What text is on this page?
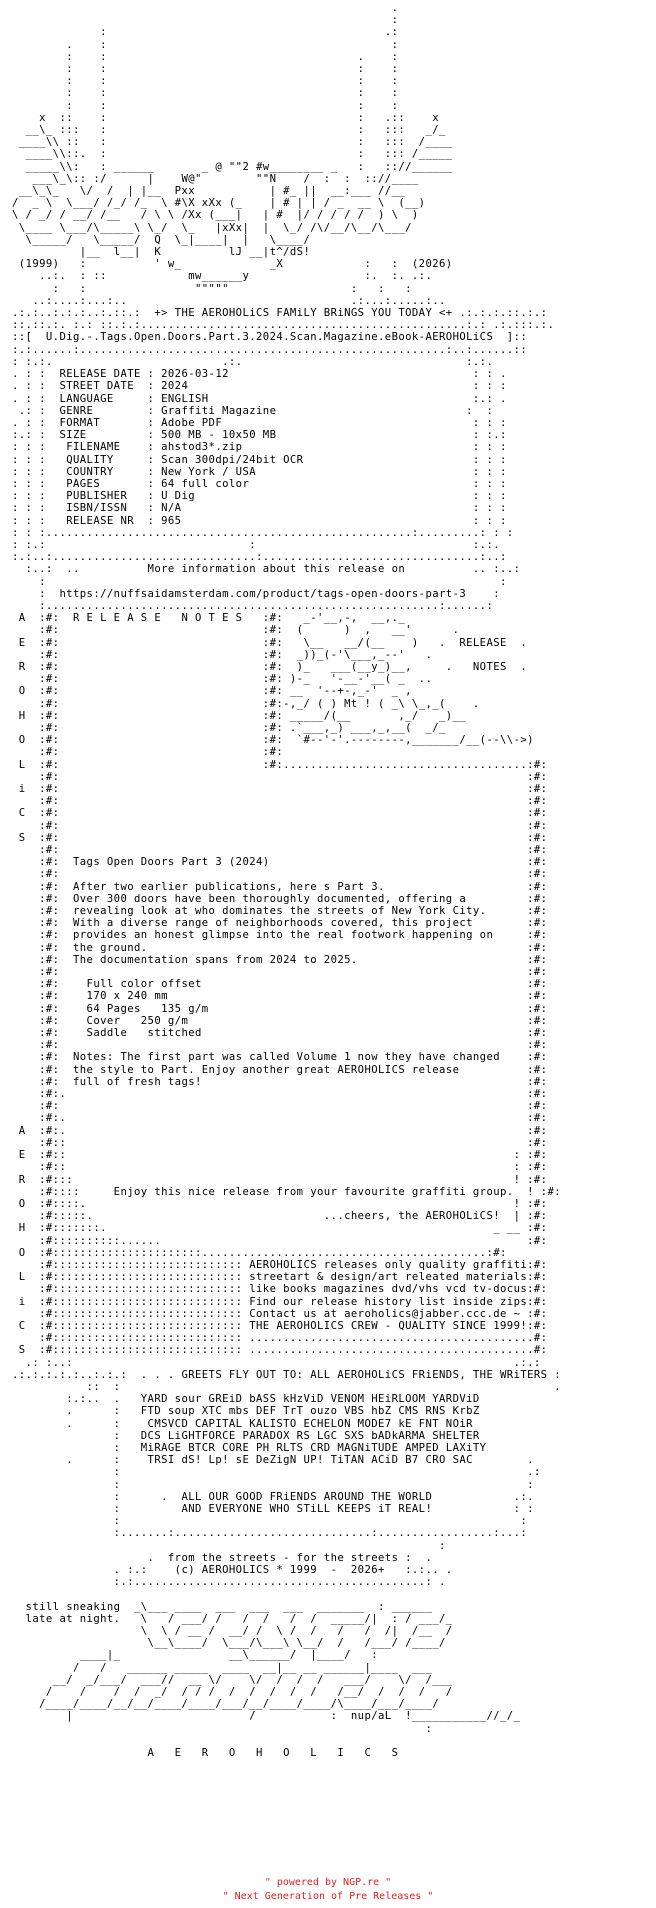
.
:
:                                         .:
.    :                                          :
:    :                                     .    :
:    :                                     :    :
:    :                                     :    :
:    :                                     :    :
:    :                                     :    :
x  ::    :                                     :   .::    x
__\_ :::   :                                     :   :::   _/_
____\\ ::   :                                     :   :::  /____
____\\::.  :                                     :   ::: /_____
_____\\:   : ______       _ @ ""2 #w________ _   :   :://______
___\_\:: :/      |    W@"        ""N    /  :  :  :://____
__\_\_   \/  /  | |__  Pxx           | #_ ||  __:___ //__
/  _ \  \___/ /_/ /_  \ #\X xXx (_    | # | | / _  __ \  (__)
\ / _/ / __/ /__   / \ \ /Xx (___|   | #  |/ / / / /  ) \  )
\____ \___/\_____\ \_/  \_   |xXx|  |  \_/ /\/__/\__/\___/
\_____/   \_____/  Q  \_|____|  |   \____/
|__  l__|  K          lJ __|t^/dS!
(1999)   :          ' w_             _X            :   :  (2026)
..:.  : ::            mw______y                 :.  :. .:.
:   :                """""                  :   :   :
..:....:...:..                                 .:...:.....:..
.:.:..:.:.:..:.::.:  +> THE AEROHOLiCS FAMiLY BRiNGS YOU TODAY <+ .:.:.:.::.:.:
::.::.:. :.: ::.:.:................................................:.: .:.:::.:.
::[  U.Dig.-.Tags.Open.Doors.Part.3.2024.Scan.Magazine.eBook-AEROHOLiCS  ]::
:.:......:......................................................:..:......::
: :.:.                         .:.                                 :.:.
. : :  RELEASE DATE : 2026-03-12                                    : : .
. : :  STREET DATE  : 2024                                          : : :
. : :  LANGUAGE     : ENGLISH                                       :.: .
.: :  GENRE        : Graffiti Magazine                            :  :
. : :  FORMAT       : Adobe PDF                                     : : :
:.: :  SIZE         : 500 MB - 10x50 MB                             : :.:
: : :   FILENAME    : ahstod3*.zip                                  : : :
: : :   QUALITY     : Scan 300dpi/24bit OCR                         : : :
: : :   COUNTRY     : New York / USA                                : : :
: : :   PAGES       : 64 full color                                 : : :
: : :   PUBLISHER   : U Dig                                         : : :
: : :   ISBN/ISSN   : N/A                                           : : :
: : :   RELEASE NR  : 965                                           : : :
: : :......................................................:.........: : :
: :.:                              :                                :.:.
:.:..:..............................:................................:..:
:..:  ..          More information about this release on          .. :..:
:                                                                   :
:  https://nuffsaidamsterdam.com/product/tags-open-doors-part-3    :
:..........................................................:......:
A  :#:  R E L E A S E   N O T E S   :#:   _-'__,-,  __,._
:#:                              :#:  (      )  ,   __'      .
E  :#:                              :#:   \__   __/(__    )   .  RELEASE  .
:#:                              :#:  _))_(-'\___,_--'   .
R  :#:                              :#:  )_   ___(__y_)__,     .   NOTES  .
:#:                              :#: )-_   '-__-'__( _  ..
O  :#:                              :#: __  '--+-,_-'  _ ,
:#:                              :#:-,_/ ( ) Mt ! ( _\ \_,_(    .
H  :#:                              :#: _____/(__       ,_/   _)__
:#:                              :#: .`___,_) ___,_,__(  _/_
O  :#:                              :#:  `#--'-'.--------,_______/__(--\\->)
:#:                              :#:
L  :#:                              :#:....................................:#:
:#:                                                                     :#:
i  :#:                                                                     :#:
:#:                                                                     :#:
C  :#:                                                                     :#:
:#:                                                                     :#:
S  :#:                                                                     :#:
:#:                                                                     :#:
:#:  Tags Open Doors Part 3 (2024)                                      :#:
:#:                                                                     :#:
:#:  After two earlier publications, here s Part 3.                     :#:
:#:  Over 300 doors have been thoroughly documented, offering a         :#:
:#:  revealing look at who dominates the streets of New York City.      :#:
:#:  With a diverse range of neighborhoods covered, this project        :#:
:#:  provides an honest glimpse into the real footwork happening on     :#:
:#:  the ground.                                                        :#:
:#:  The documentation spans from 2024 to 2025.                         :#:
:#:                                                                     :#:
:#:    Full color offset                                                :#:
:#:    170 x 240 mm                                                     :#:
:#:    64 Pages   135 g/m                                               :#:
:#:    Cover   250 g/m                                                  :#:
:#:    Saddle   stitched                                                :#:
:#:                                                                     :#:
:#:  Notes: The first part was called Volume 1 now they have changed    :#:
:#:  the style to Part. Enjoy another great AEROHOLICS release          :#:
:#:  full of fresh tags!                                                :#:
:#:.                                                                    :#:
:#:                                                                     :#:
:#:.                                                                    :#:
A  :#:.                                                                    :#:
:#::                                                                    :#:
E  :#::                                                                  : :#:
:#::                                                                  : :#:
R  :#:::                                                                 ! :#:
:#::::     Enjoy this nice release from your favourite graffiti group.  ! :#:
O  :#::::.                                                               ! :#:
:#:::::.                                  ...cheers, the AEROHOLiCS!  | :#:
H  :#:::::::.                                                         _ __ :#:
:#::::::::::......                                                      :#:
O  :#::::::::::::::::::::::..........................................:#:
:#:::::::::::::::::::::::::::: AEROHOLICS releases only quality graffiti:#:
L  :#:::::::::::::::::::::::::::: streetart & design/art releated materials:#:
:#:::::::::::::::::::::::::::: like books magazines dvd/vhs vcd tv-docus:#:
i  :#:::::::::::::::::::::::::::: Find our release history list inside zips:#:
:#:::::::::::::::::::::::::::: Contact us at aeroholics@jabber.ccc.de ~ :#:
C  :#:::::::::::::::::::::::::::: THE AEROHOLICS CREW - QUALITY SINCE 1999!:#:
:#:::::::::::::::::::::::::::: ..........................................#:
S  :#:::::::::::::::::::::::::::: ..........................................#:
.: :..:                                                                 .:.:
.:.:.:.:.:..:.:.:  . . . GREETS FLY OUT TO: ALL AEROHOLiCS FRiENDS, THE WRiTERS :
::  :                                                                .
:.:..  .   YARD sour GREiD bASS kHzViD VENOM HEiRLOOM YARDViD
.      :   FTD soup XTC mbs DEF TrT ouzo VBS hbZ CMS RNS KrbZ
.      :    CMSVCD CAPITAL KALISTO ECHELON MODE7 kE FNT NOiR
:   DCS LiGHTFORCE PARADOX RS LGC SXS bADkARMA SHELTER
:   MiRAGE BTCR CORE PH RLTS CRD MAGNiTUDE AMPED LAXiTY
.      :    TRSI dS! Lp! sE DeZigN UP! TiTAN ACiD B7 CRO SAC        .
:                                                            .:
:                                                            :
:      .  ALL OUR GOOD FRiENDS AROUND THE WORLD            .:.
:         AND EVERYONE WHO STiLL KEEPS iT REAL!            : :
:                                                           :
:.......:.............................:.................:...:
:
.  from the streets - for the streets :  .
. :.:    (c) AEROHOLICS * 1999  -  2026+   :.:.. .
:.:...........................................: .

still sneaking  _\___ ____  ___  ___  ___  _______  : ______
late at night.   \   / ___/ /   /  /   /  /  _____/|  : / ___/_
\  \ / __ /  __/ /  \ /  /   /   /  /|  /__  /
\__\____/  \___/\___\ \__/  /   /___/ /____/
____|_                __\______/  |____/   :
/   /   ______ _____  ____  __|__ __ ______|____  ___
__/  _/___/  ___//  __ \/    \/  /  /  /   ___/    \/  /___
/    /    /  /  _/  / / /  /  /  /  /  /   /__/  /  /  /   /
/____/____/__/__/____/____/___/__/____/____/\____/___/____/
|                          /           :  nup/aL  !___________//_/_
:

A   E   R   O   H   O   L   I   C   S

" powered by NGP.re "
" Next Generation of Pre Releases "
